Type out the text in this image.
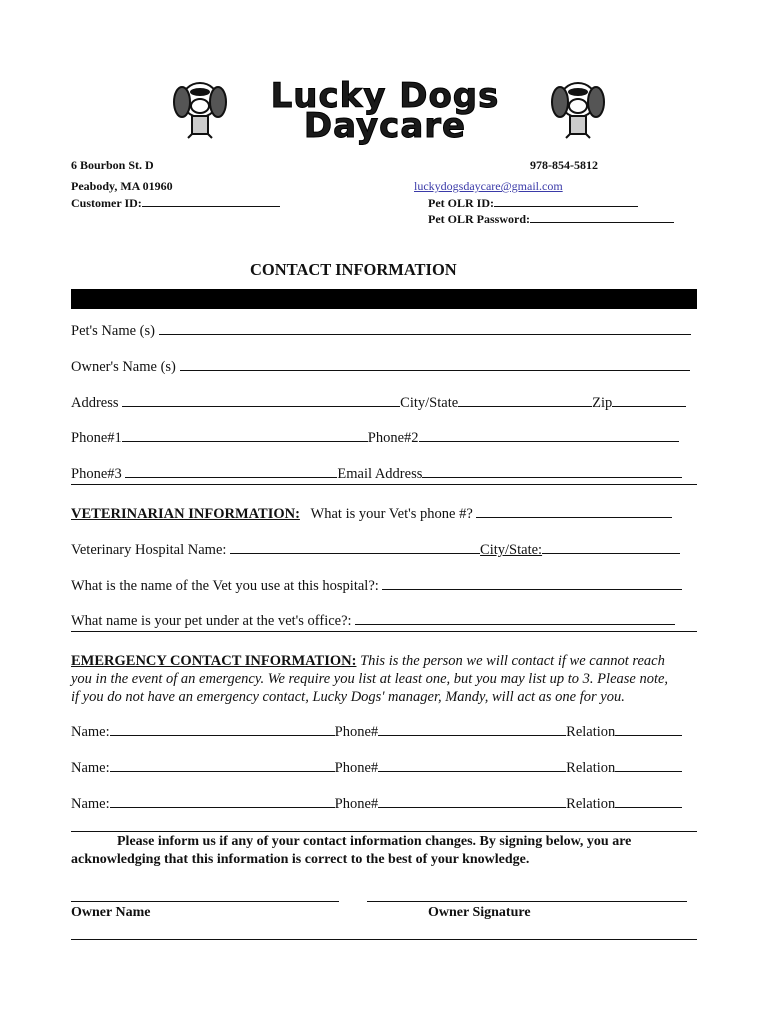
Lucky Dogs
Daycare
6 Bourbon St. D
Peabody, MA 01960
Customer ID:
978-854-5812
luckydogsdaycare@gmail.com
Pet OLR ID:
Pet OLR Password:
CONTACT INFORMATION
Pet's Name (s)
Owner's Name (s)
Address	City/State	Zip
Phone#1	Phone#2
Phone#3	Email Address
VETERINARIAN INFORMATION: What is your Vet's phone #?
Veterinary Hospital Name:	City/State:
What is the name of the Vet you use at this hospital?:
What name is your pet under at the vet's office?:
EMERGENCY CONTACT INFORMATION: This is the person we will contact if we cannot reach
you in the event of an emergency. We require you list at least one, but you may list up to 3. Please note,
if you do not have an emergency contact, Lucky Dogs' manager, Mandy, will act as one for you.
Name:	Phone#	Relation
Name:	Phone#	Relation
Name:	Phone#	Relation
Please inform us if any of your contact information changes. By signing below, you are
acknowledging that this information is correct to the best of your knowledge.
Owner Name	Owner Signature
